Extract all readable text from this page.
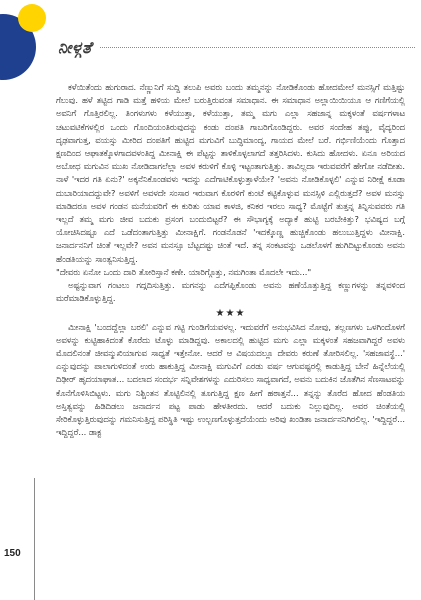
ನೀಳ್ಗತೆ

ಕಳೆಯಿತೆಂದು ಹುಗುರಾದ. ನೆಣ್ಣುನಿಗೆ ಸುದ್ದಿ ತಲುಪಿ ಅವರು ಬಂದು ತಮ್ಮನನ್ನು ನೋಡಿಕೊಂಡು ಹೋದಮೇಲೆ ಮನಸ್ಸಿಗೆ ಮತ್ತಿಷ್ಟು ಗೆಲುವು. ಹಳೆ ತಟ್ಟಿದ ಗಾಡಿ ಮತ್ತೆ ಹಳಿಯ ಮೇಲೆ ಬರುತ್ತಿರುವಂತ ಸಮಾಧಾನ. ಈ ಸಮಾಧಾನ ಅಲ್ಲಾಯಿಯಿಯೂ ಆ ಗಣಿಗೆಯಲ್ಲಿ ಅವನಿಗೆ ಗೊತ್ತಿರಲಿಲ್ಲ. ತಿಂಗಳುಗಳು ಕಳೆಯುತ್ತಾ, ಕಳೆಯುತ್ತಾ, ತಮ್ಮ ಮಗು ಎಲ್ಲಾ ಸಹಜಾನ್ನ ಮಕ್ಕಳಂತೆ ವರ್ಷಗಳಾಟ ಚಟುವಟಿಕೆಗಳಲ್ಲಿರ ಒಂದು ಗೊಂದಿಯಂತಿರುವುದನ್ನು ಕಂಡು ದಂಪತಿ ಗಾಬರಿಗೊಂಡಿದ್ದರು. ಅವರ ಸಂದೇಹ ತಪ್ಪು, ವೈದ್ಯರಿಂದ ದೃಢವಾಗುತ್ತ, ವಯಸ್ಸು ಮೀರಿದ ದಂಪತಿಗೆ ಹುಟ್ಟಿದ ಮಗುವಿಗೆ ಬುದ್ಧಿಮಾಂದ್ಯ, ಗಾಯದ ಮೇಲೆ ಬರೆ. ಗರ್ಭಿಣಿಯೆಂದು ಗೊತ್ತಾದ ಕ್ಷಣದಿಂದ ಆಘಾತಕ್ಕೊಳಗಾದವಳಂತಿದ್ದ ಮೀನಾಕ್ಷಿ ಈ ಪೆಟ್ಟನ್ನು ತಾಳಿಕೊಳ್ಳಲಾಗದೆ ತತ್ತರಿಸಿದಳು. ಕುಸಿದು ಹೋದಳು. ಏನೂ ಅರಿಯದ ಅಬೋಧ ಮಗುವಿನ ಮುಖ ನೋಡಿದಾಗಲೆಲ್ಲಾ ಅವಳ ಕರುಳಿಗೆ ಕೊಳ್ಳಿ ಇಟ್ಟಂತಾಗುತ್ತಿತ್ತು. ತಾವಿಲ್ಲದಾ ಇರುವವರೆಗೆ ಹೇಗೋ ನಡೆದೀತು. ನಾಳೆ 'ಇದರ ಗತಿ ಏನು?' ಅಕ್ಕನೆನಿಕೊಂಡವಳು ಇದನ್ನು ಎದೆಗಾಟಿಕೊಳ್ಳುತ್ತಾಳೆಯೇ? 'ಅವನು ನೋಡಿಕೊಳ್ಳಲಿ' ಎನ್ನುವ ನಿರೀಕ್ಷೆ ಕೂಡಾ ದುಬಾರಿಯಾದದ್ದುವೇ? ಅವಳಿಗೆ ಅವಳದೇ ಸಂಸಾರ ಇರುವಾಗ ಕೊರಳಿಗೆ ಕುಂಟೆ ಕಟ್ಟಿಕೊಳ್ಳುವ ಮನಸ್ಸಿಳಿ ಎಲ್ಲಿರುತ್ತದೆ? ಅವಳ ಮನಸ್ಸು ಮಾಡಿದರೂ ಅವಳ ಗಂಡನ ಮನೆಯವರಿಗೆ ಈ ಕುರಿತು ಯಾವ ಕಾಳಜಿ, ಕನಿಕರ ಇರಲು ಸಾಧ್ಯ? ಮೊಟ್ಟೆಗೆ ತುತ್ತನ್ನ ತಿನ್ನಿಸುವವರು ಗತಿ ಇಲ್ಲದೆ ತಮ್ಮ ಮಗು ಜೀವ ಬದುಕು ಪ್ರಸಂಗ ಬಂದುಬಿಟ್ಟರೆ? ಈ ಸೌಭಾಗ್ಯಕ್ಕೆ ಅದ್ಯಾಕೆ ಹುಟ್ಟಿ ಬರಬೇಕಿತ್ತು? ಭವಿಷ್ಯದ ಬಗ್ಗೆ ಯೋಚಿಸಿದಷ್ಟೂ ಎದೆ ಒಡೆದಂತಾಗುತ್ತಿತ್ತು ಮೀನಾಕ್ಷಿಗೆ. ಗಂಡನೊಡನೆ 'ಇದಕ್ಕೊಣ್ಣ ಹುಚ್ಚಿಕೊಂಡು ಹಲುಬುತ್ತಿದ್ದಳು ಮೀನಾಕ್ಷಿ. ಜನಾರ್ದನನಿಗೆ ಚಿಂತೆ ಇಲ್ಲವೇ? ಅವನ ಮನಸ್ಸೂ ಬೆಟ್ಟದಷ್ಟು ಚಿಂತೆ ಇದೆ. ತನ್ನ ಸಂಕಟವನ್ನು ಒಡಲೊಳಗೆ ಹುಗಿದಿಟ್ಟುಕೊಂಡು ಅವನು ಹೆಂಡತಿಯನ್ನು ಸಾಂತ್ವನಿಸುತ್ತಿದ್ದ.

"ದೇವರು ಏನೋ ಒಂದು ದಾರಿ ತೋರಿಸ್ತಾನೆ ಕಣೇ. ಯಾರಿಗ್ಗೊತ್ತು, ನಮಗಿಂತಾ ಮೊದಲೇ ಇದು..."

ಅಷ್ಟನ್ನುವಾಗ ಗಂಟಲು ಗದ್ಗದಿಸುತ್ತಿತ್ತು. ಮಗನನ್ನು ಎದೆಗಪ್ಪಿಕೊಂಡು ಅವನು ಹಣೆಯೊತ್ತುತ್ತಿದ್ದ ಕಣ್ಣುಗಳನ್ನು ತನ್ನವಳಿಂದ ಮರೆಮಾಡಿಕೊಳ್ಳುತ್ತಿದ್ದ.

★★★

ಮೀನಾಕ್ಷಿ 'ಬಂದದ್ದೆಲ್ಲಾ ಬರಲಿ' ಎನ್ನುವ ಗಟ್ಟಿ ಗುಂಡಿಗೆಯವಳಲ್ಲ. ಇದುವರೆಗೆ ಅನುಭವಿಸಿದ ನೋವು, ತಲ್ಲಣಗಳು ಒಳಗಿಂದೊಳಗೆ ಅವಳನ್ನು ಕುಟ್ಟಿಹಾಕಿದಂತೆ ಕೊರೆದು ಟೊಳ್ಳು ಮಾಡಿದ್ದವು. ಅಕಾಲದಲ್ಲಿ ಹುಟ್ಟಿದ ಮಗು ಎಲ್ಲಾ ಮಕ್ಕಳಂತೆ ಸಹಜವಾಗಿದ್ದರೆ ಅವಳು ಮೊದಲಿನಂತೆ ಜೀವನ್ಮುಖಿಯಾಗುವ ಸಾಧ್ಯತೆ ಇತ್ತೇನೋ. ಆದರೆ ಆ ವಿಷಯದಲ್ಲೂ ದೇವರು ಕರುಣೆ ತೋರಿಸಲಿಲ್ಲ. 'ಸಹಜಾವಸ್ಥೆ...' ಎನ್ನುವುದನ್ನು ಪಾಲಾಗುಳಿದಂತೆ ಉರು ಹಾಕುತ್ತಿದ್ದ ಮೀನಾಕ್ಷಿ ಮಗುವಿಗೆ ಎರಡು ವರ್ಷ ಆಗುವಷ್ಟರಲ್ಲಿ ಕಾಡುತ್ತಿದ್ದ ಬೇನೆ ಹಿನ್ನೆಲೆಯಲ್ಲಿ ದಿಢೀರ್ ಹೃದಯಾಘಾತ... ಬದಲಾದ ಸಂದರ್ಭ ಸನ್ನಿವೇಶಗಳನ್ನು ಎದುರಿಸಲು ಸಾಧ್ಯವಾಗದೆ, ಅವನು ಬದುಕಿನ ಜೊತೆಗಿನ ಸೆಣಸಾಟವನ್ನು ಕೊನೆಗೊಳಿಸಿಬಿಟ್ಟಳು. ಮಗು ನಿಶ್ಚಿಂತನ ತೊಟ್ಟಿಲಿನಲ್ಲಿ ತೂಗುತ್ತಿದ್ದ ಕ್ಷಣ ಹೀಗೆ ಹಠಾತ್ತನೆ... ತನ್ನನ್ನು ತೊರೆದ ಹೋದ ಹೆಂಡತಿಯ ಅಸ್ತಿತ್ವವನ್ನು ಹಿಡಿದಿಡಲು ಜನಾರ್ದನ ಪಟ್ಟ ಪಾಡು ಹೇಳತೀರದು. ಆದರೆ ಬದುಕು ನಿಲ್ಲುವುದಿಲ್ಲ. ಅವರ ಚಿಂತೆಯಲ್ಲಿ ಸೇರಿಕೊಳ್ಳುತ್ತಿರುವುದನ್ನು ಗಮನಿಸುತ್ತಿದ್ದ ಪರಿಸ್ಥಿತಿ ಇಷ್ಟು ಉಲ್ಬಣಗೊಳ್ಳುತ್ತದೆಯೆಂದು ಅರಿವು ಖಂಡಿತಾ ಜನಾರ್ದನನಿಗಿರಲಿಲ್ಲ. 'ಇದ್ದಿದ್ದರೆ... ಇದ್ದಿದ್ದರೆ... ಡಾಕ್ಟ

150
